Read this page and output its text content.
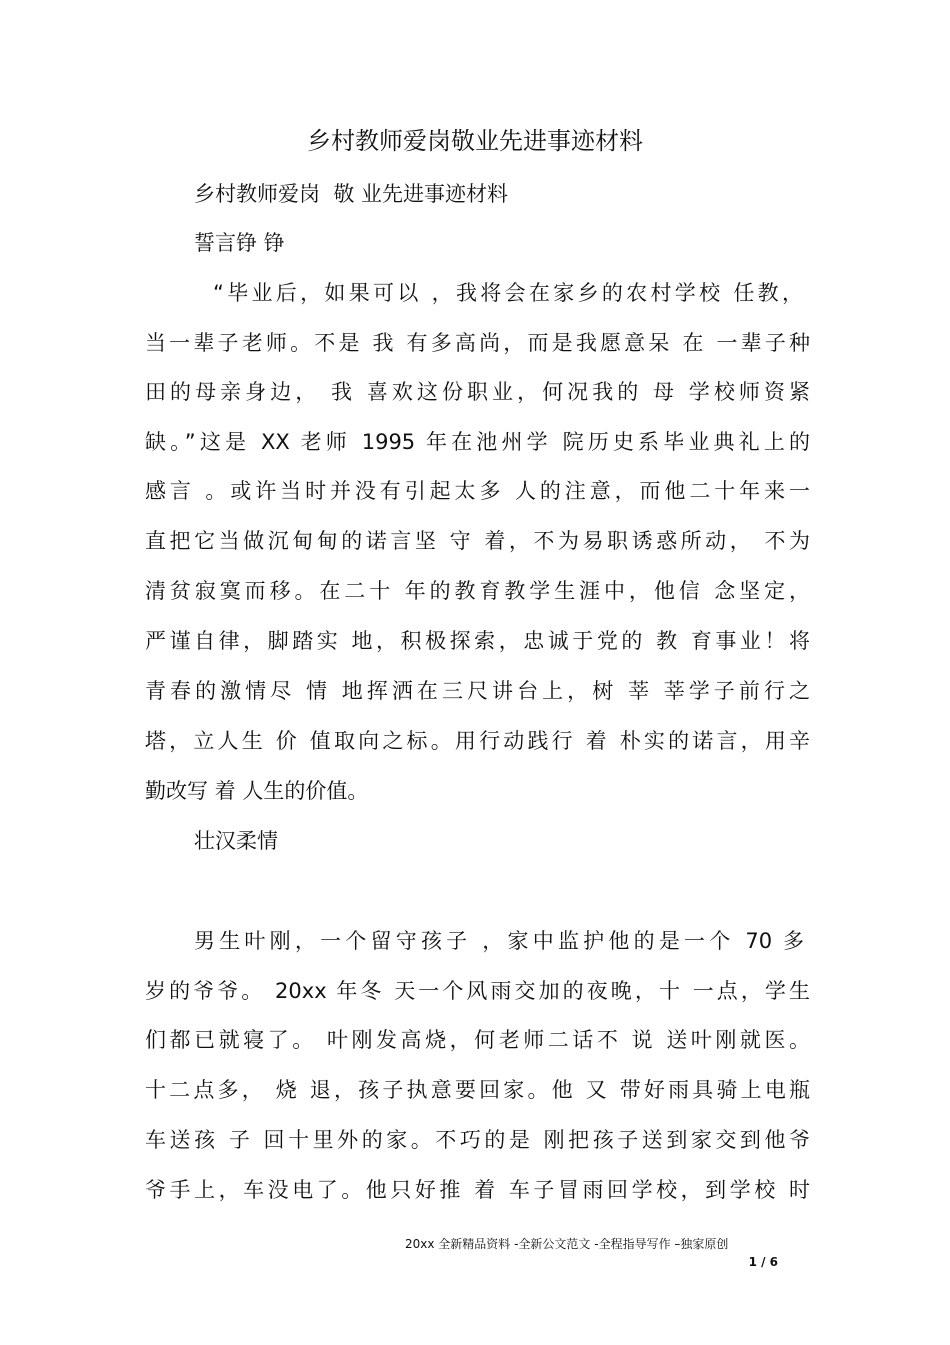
乡村教师爱岗敬业先进事迹材料
乡村教师爱岗  敬 业先进事迹材料
誓言铮 铮
“毕业后，如果可以 ，我将会在家乡的农村学校 任教，
当一辈子老师。不是 我 有多高尚，而是我愿意呆 在 一辈子种
田的母亲身边， 我 喜欢这份职业，何况我的 母 学校师资紧
缺。”这是 XX 老师 1995 年在池州学 院历史系毕业典礼上的
感言 。或许当时并没有引起太多 人的注意，而他二十年来一
直把它当做沉甸甸的诺言坚 守 着，不为易职诱惑所动， 不为
清贫寂寞而移。在二十 年的教育教学生涯中，他信 念坚定，
严谨自律，脚踏实 地，积极探索，忠诚于党的 教 育事业！将
青春的激情尽 情 地挥洒在三尺讲台上，树 莘 莘学子前行之
塔，立人生 价 值取向之标。用行动践行 着 朴实的诺言，用辛
勤改写 着 人生的价值。
壮汉柔情
男生叶刚，一个留守孩子 ，家中监护他的是一个 70 多
岁的爷爷。 20xx 年冬 天一个风雨交加的夜晚，十 一点，学生
们都已就寝了。 叶刚发高烧，何老师二话不 说 送叶刚就医。
十二点多， 烧 退，孩子执意要回家。他 又 带好雨具骑上电瓶
车送孩 子 回十里外的家。不巧的是 刚把孩子送到家交到他爷
爷手上，车没电了。他只好推 着 车子冒雨回学校，到学校 时
20xx 全新精品资料 -全新公文范文 -全程指导写作 –独家原创
1 / 6
